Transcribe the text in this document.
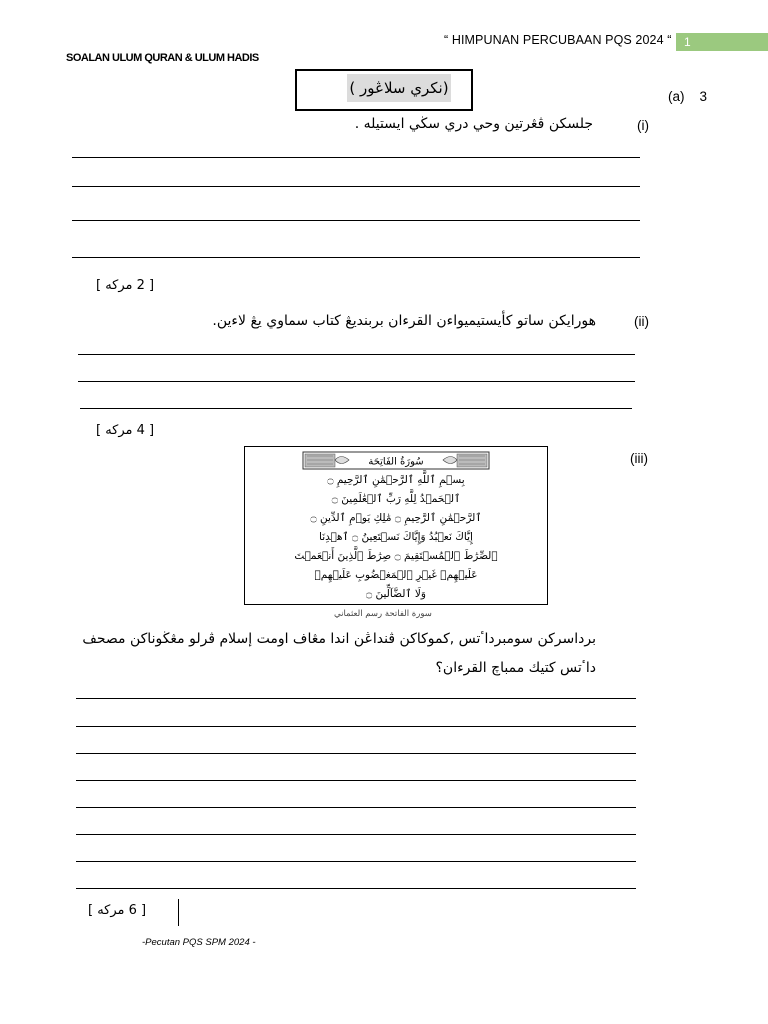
“ HIMPUNAN PERCUBAAN PQS 2024 “	1
SOALAN ULUM QURAN & ULUM HADIS
(نكري سلاڠور )	(a)    3
(i)
جلسكن ڤڠرتين وحي دري سڬي ايستيله .
[ 2 مركه ]
(ii)
هورايكن ساتو كأيستيميواءن القرءان بربنديڠ كتاب سماوي يڠ لاءين.
[ 4 مركه ]
(iii)
سُورَةُ الفَاتِحَة
بِسۡمِ ٱللَّهِ ٱلرَّحۡمَٰنِ ٱلرَّحِيمِ ۝
ٱلۡحَمۡدُ لِلَّهِ رَبِّ ٱلۡعَٰلَمِينَ ۝
ٱلرَّحۡمَٰنِ ٱلرَّحِيمِ ۝ مَٰلِكِ يَوۡمِ ٱلدِّينِ ۝
إِيَّاكَ نَعۡبُدُ وَإِيَّاكَ نَسۡتَعِينُ ۝ ٱهۡدِنَا
ٱلصِّرَٰطَ ٱلۡمُسۡتَقِيمَ ۝ صِرَٰطَ ٱلَّذِينَ أَنۡعَمۡتَ
عَلَيۡهِمۡ غَيۡرِ ٱلۡمَغۡضُوبِ عَلَيۡهِمۡ
وَلَا ٱلضَّآلِّينَ ۝
سورة الفاتحة رسم العثماني
برداسركن سومبرداٴتس ,كموكاكن ڤنداڠن اندا مڠاف اومت إسلام ڤرلو مڠڬوناكن مصحف
داٴتس كتيك ممباچ القرءان؟
[ 6 مركه ]
-Pecutan PQS SPM 2024 -
